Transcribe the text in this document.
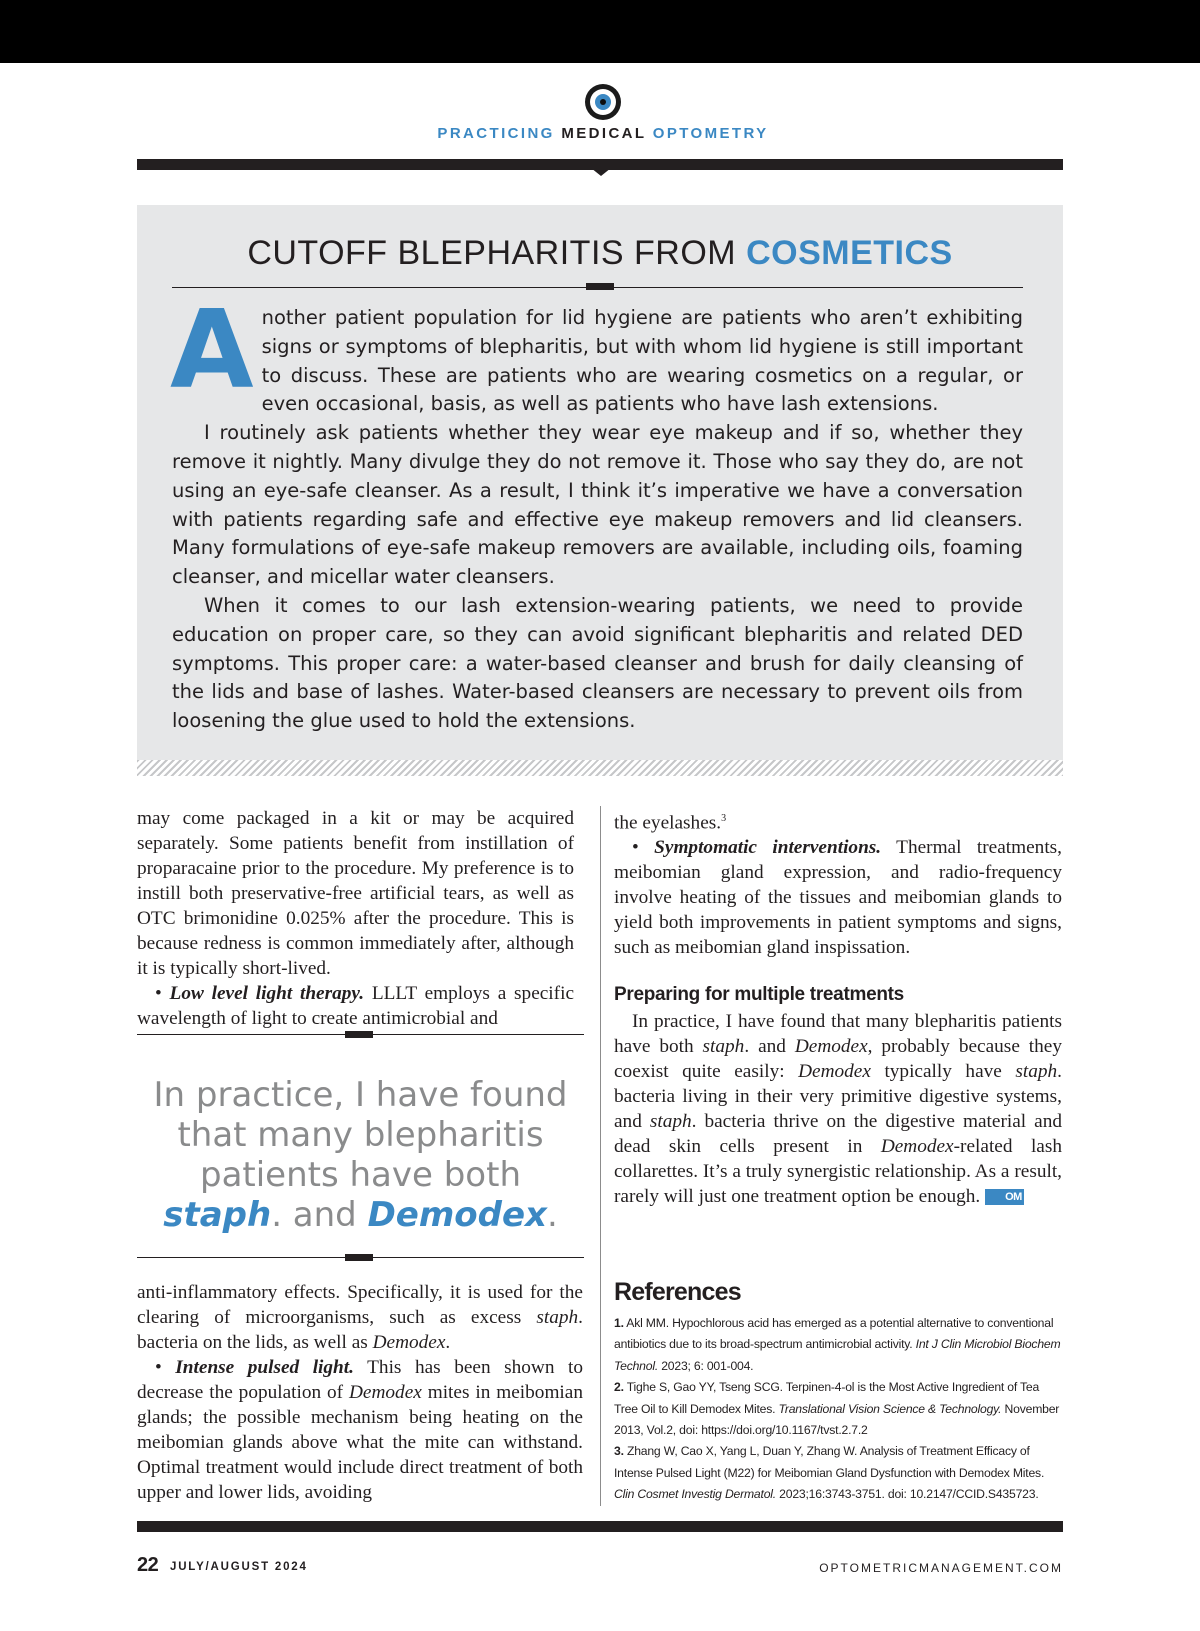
PRACTICING MEDICAL OPTOMETRY
CUTOFF BLEPHARITIS FROM COSMETICS

Another patient population for lid hygiene are patients who aren’t exhibiting signs or symptoms of blepharitis, but with whom lid hygiene is still important to discuss. These are patients who are wearing cosmetics on a regular, or even occasional, basis, as well as patients who have lash extensions.

I routinely ask patients whether they wear eye makeup and if so, whether they remove it nightly. Many divulge they do not remove it. Those who say they do, are not using an eye-safe cleanser. As a result, I think it’s imperative we have a conversation with patients regarding safe and effective eye makeup removers and lid cleansers. Many formulations of eye-safe makeup removers are available, including oils, foaming cleanser, and micellar water cleansers.

When it comes to our lash extension-wearing patients, we need to provide education on proper care, so they can avoid significant blepharitis and related DED symptoms. This proper care: a water-based cleanser and brush for daily cleansing of the lids and base of lashes. Water-based cleansers are necessary to prevent oils from loosening the glue used to hold the extensions.

may come packaged in a kit or may be acquired separately. Some patients benefit from instillation of proparacaine prior to the procedure. My preference is to instill both preservative-free artificial tears, as well as OTC brimonidine 0.025% after the procedure. This is because redness is common immediately after, although it is typically short-lived.

• Low level light therapy. LLLT employs a specific wavelength of light to create antimicrobial and

In practice, I have found that many blepharitis patients have both
staph. and Demodex.

anti-inflammatory effects. Specifically, it is used for the clearing of microorganisms, such as excess staph. bacteria on the lids, as well as Demodex.

• Intense pulsed light. This has been shown to decrease the population of Demodex mites in meibomian glands; the possible mechanism being heating on the meibomian glands above what the mite can withstand. Optimal treatment would include direct treatment of both upper and lower lids, avoiding

the eyelashes.$^3$

• Symptomatic interventions. Thermal treatments, meibomian gland expression, and radio-frequency involve heating of the tissues and meibomian glands to yield both improvements in patient symptoms and signs, such as meibomian gland inspissation.

Preparing for multiple treatments

In practice, I have found that many blepharitis patients have both staph. and Demodex, probably because they coexist quite easily: Demodex typically have staph. bacteria living in their very primitive digestive systems, and staph. bacteria thrive on the digestive material and dead skin cells present in Demodex-related lash collarettes. It’s a truly synergistic relationship. As a result, rarely will just one treatment option be enough. OM

References

1. Akl MM. Hypochlorous acid has emerged as a potential alternative to conventional antibiotics due to its broad-spectrum antimicrobial activity. Int J Clin Microbiol Biochem Technol. 2023; 6: 001-004.

2. Tighe S, Gao YY, Tseng SCG. Terpinen-4-ol is the Most Active Ingredient of Tea Tree Oil to Kill Demodex Mites. Translational Vision Science & Technology. November 2013, Vol.2, doi: https://doi.org/10.1167/tvst.2.7.2

3. Zhang W, Cao X, Yang L, Duan Y, Zhang W. Analysis of Treatment Efficacy of Intense Pulsed Light (M22) for Meibomian Gland Dysfunction with Demodex Mites. Clin Cosmet Investig Dermatol. 2023;16:3743-3751. doi: 10.2147/CCID.S435723.

22 JULY/AUGUST 2024	OPTOMETRICMANAGEMENT.COM
